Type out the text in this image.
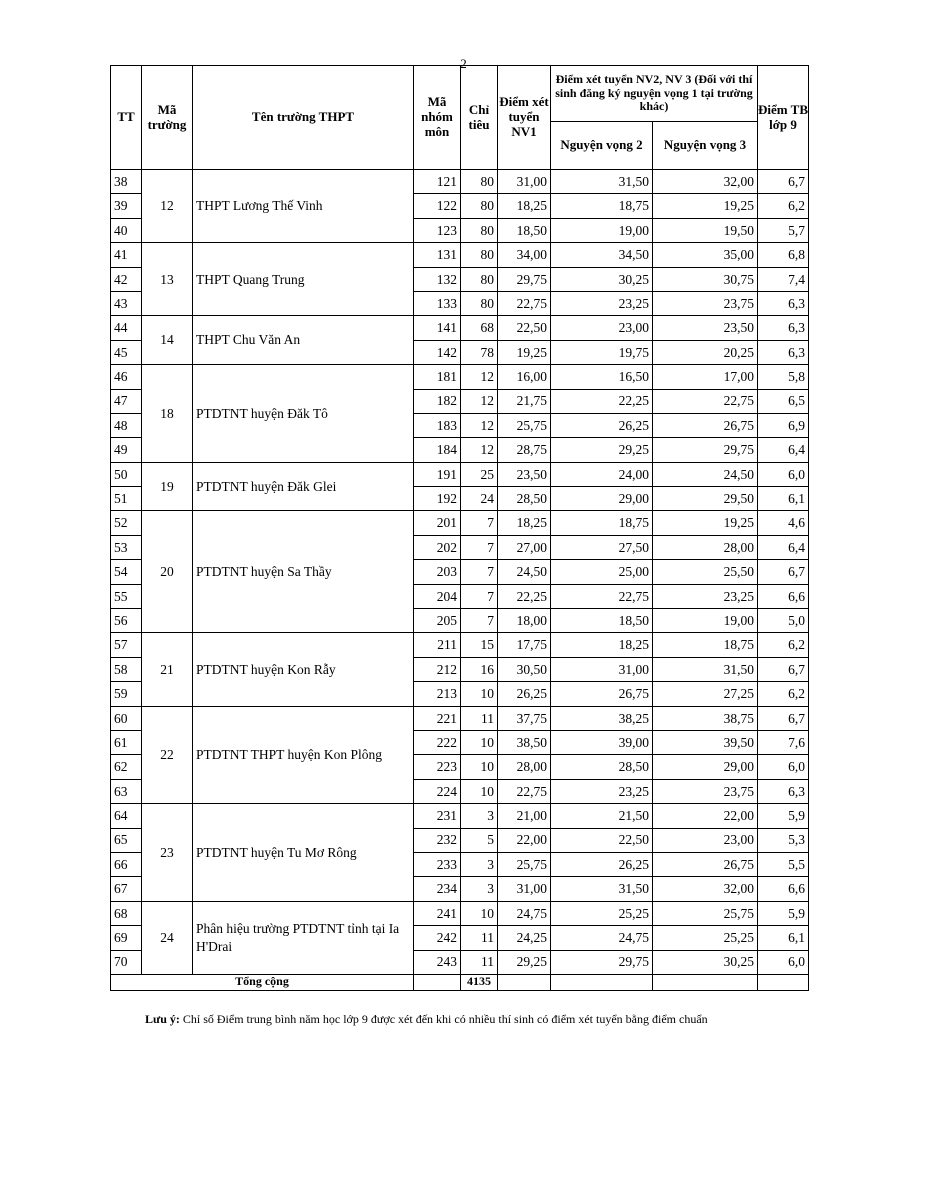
2
TT	Mã trường	Tên trường THPT	Mã nhóm môn	Chỉ tiêu	Điểm xét tuyển NV1	Điểm xét tuyển NV2, NV 3 (Đối với thí sinh đăng ký nguyện vọng 1 tại trường khác)		Điểm TB lớp 9
						Nguyện vọng 2	Nguyện vọng 3	
38	12	THPT Lương Thế Vinh	121	80	31,00	31,50	32,00	6,7
39			122	80	18,25	18,75	19,25	6,2
40			123	80	18,50	19,00	19,50	5,7
41	13	THPT Quang Trung	131	80	34,00	34,50	35,00	6,8
42			132	80	29,75	30,25	30,75	7,4
43			133	80	22,75	23,25	23,75	6,3
44	14	THPT Chu Văn An	141	68	22,50	23,00	23,50	6,3
45			142	78	19,25	19,75	20,25	6,3
46	18	PTDTNT huyện Đăk Tô	181	12	16,00	16,50	17,00	5,8
47			182	12	21,75	22,25	22,75	6,5
48			183	12	25,75	26,25	26,75	6,9
49			184	12	28,75	29,25	29,75	6,4
50	19	PTDTNT huyện Đăk Glei	191	25	23,50	24,00	24,50	6,0
51			192	24	28,50	29,00	29,50	6,1
52	20	PTDTNT huyện Sa Thầy	201	7	18,25	18,75	19,25	4,6
53			202	7	27,00	27,50	28,00	6,4
54			203	7	24,50	25,00	25,50	6,7
55			204	7	22,25	22,75	23,25	6,6
56			205	7	18,00	18,50	19,00	5,0
57	21	PTDTNT huyện Kon Rẫy	211	15	17,75	18,25	18,75	6,2
58			212	16	30,50	31,00	31,50	6,7
59			213	10	26,25	26,75	27,25	6,2
60	22	PTDTNT THPT huyện Kon Plông	221	11	37,75	38,25	38,75	6,7
61			222	10	38,50	39,00	39,50	7,6
62			223	10	28,00	28,50	29,00	6,0
63			224	10	22,75	23,25	23,75	6,3
64	23	PTDTNT huyện Tu Mơ Rông	231	3	21,00	21,50	22,00	5,9
65			232	5	22,00	22,50	23,00	5,3
66			233	3	25,75	26,25	26,75	5,5
67			234	3	31,00	31,50	32,00	6,6
68	24	Phân hiệu trường PTDTNT tỉnh tại Ia H'Drai	241	10	24,75	25,25	25,75	5,9
69			242	11	24,25	24,75	25,25	6,1
70			243	11	29,25	29,75	30,25	6,0
Tổng cộng				4135				
Lưu ý: Chỉ số Điểm trung bình năm học lớp 9 được xét đến khi có nhiều thí sinh có điểm xét tuyển bằng điểm chuẩn
